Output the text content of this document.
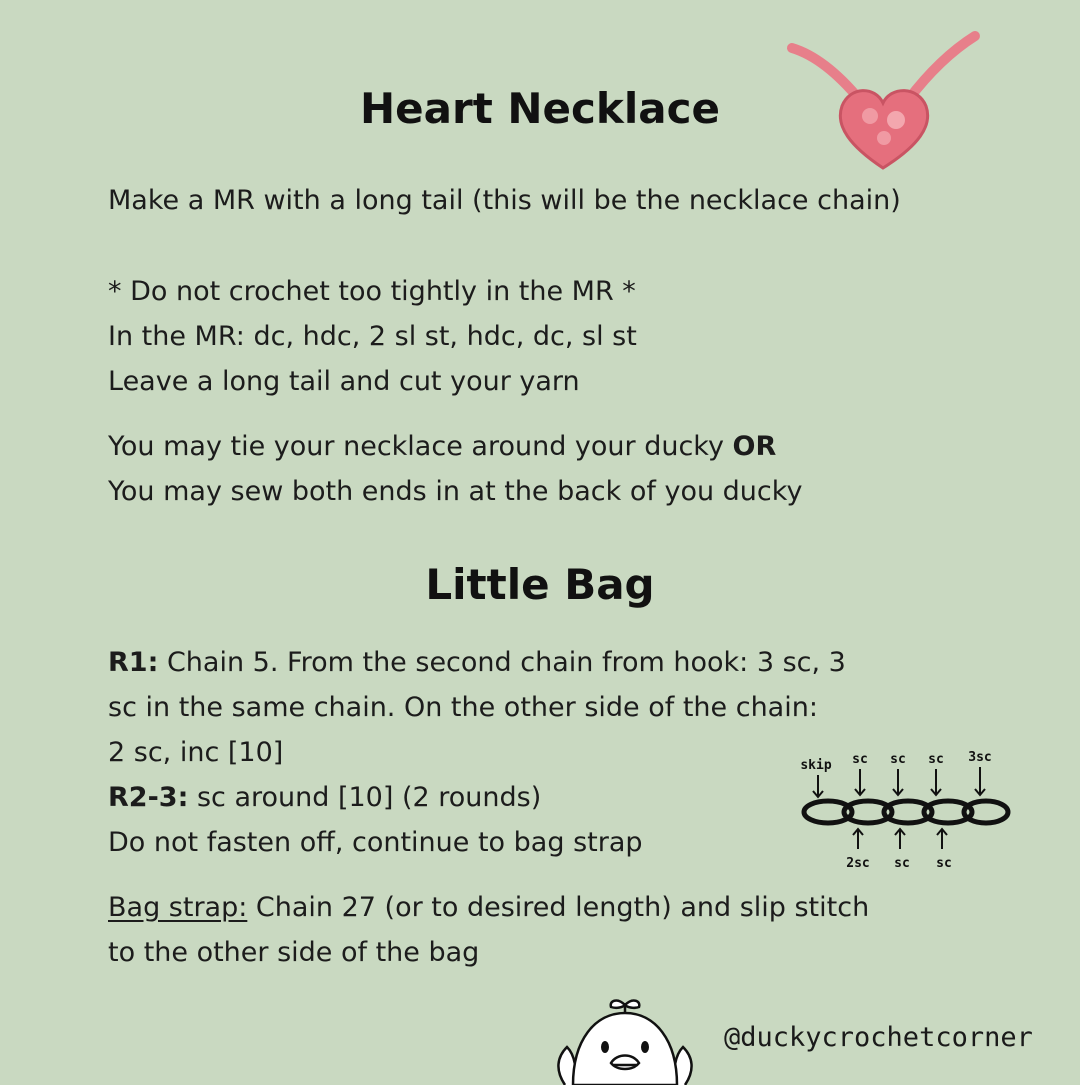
Heart Necklace

Make a MR with a long tail (this will be the necklace chain)

* Do not crochet too tightly in the MR *

In the MR: dc, hdc, 2 sl st, hdc, dc, sl st

Leave a long tail and cut your yarn

You may tie your necklace around your ducky OR

You may sew both ends in at the back of you ducky

Little Bag

R1: Chain 5. From the second chain from hook: 3 sc, 3

sc in the same chain. On the other side of the chain:

2 sc, inc [10]

R2-3: sc around [10] (2 rounds)

Do not fasten off, continue to bag strap

Bag strap: Chain 27 (or to desired length) and slip stitch

to the other side of the bag

skip sc sc sc 3sc
2sc sc sc
@duckycrochetcorner
